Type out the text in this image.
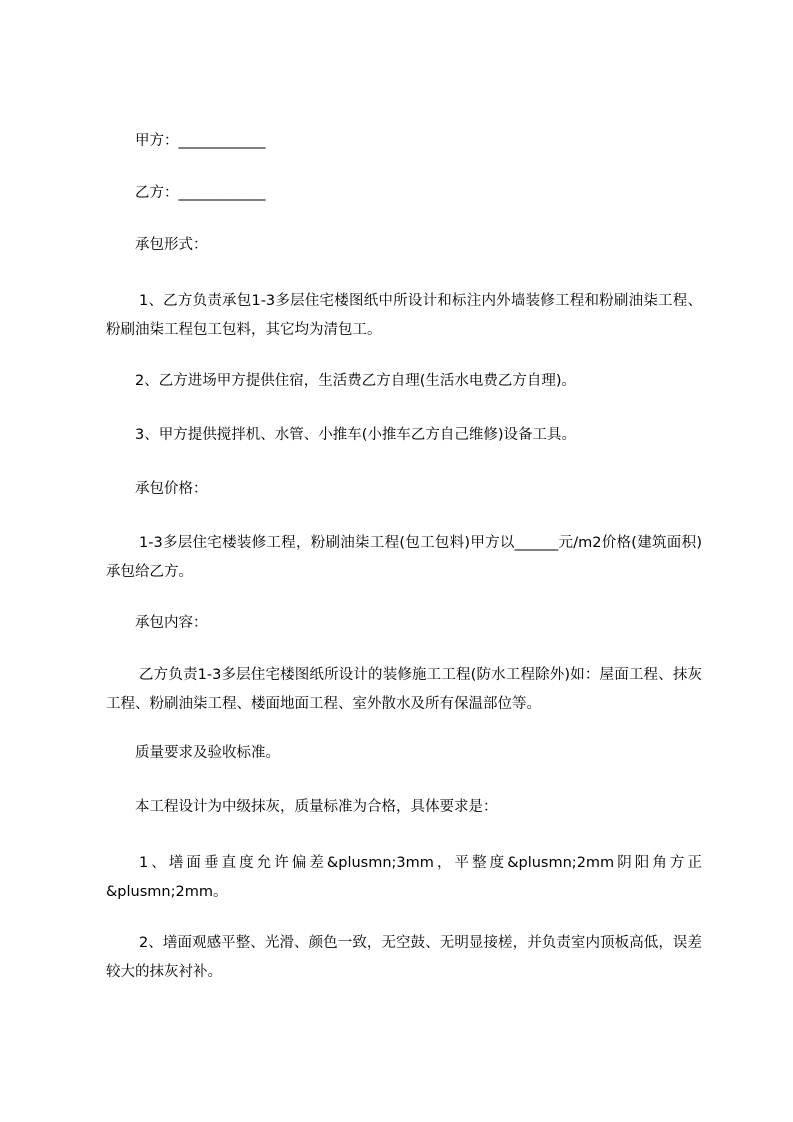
甲方：____________
乙方：____________
承包形式：
1、乙方负责承包1-3多层住宅楼图纸中所设计和标注内外墙装修工程和粉刷油柒工程、粉刷油柒工程包工包料，其它均为清包工。
2、乙方进场甲方提供住宿，生活费乙方自理(生活水电费乙方自理)。
3、甲方提供搅拌机、水管、小推车(小推车乙方自己维修)设备工具。
承包价格：
1-3多层住宅楼装修工程，粉刷油柒工程(包工包料)甲方以______元/m2价格(建筑面积)承包给乙方。
承包内容：
乙方负责1-3多层住宅楼图纸所设计的装修施工工程(防水工程除外)如：屋面工程、抹灰工程、粉刷油柒工程、楼面地面工程、室外散水及所有保温部位等。
质量要求及验收标准。
本工程设计为中级抹灰，质量标准为合格，具体要求是：
1、墡面垂直度允许偏差&plusmn;3mm，平整度&plusmn;2mm阴阳角方正&plusmn;2mm。
2、墡面观感平整、光滑、颜色一致，无空鼓、无明显接槎，并负责室内顶板高低，误差较大的抹灰衬补。
